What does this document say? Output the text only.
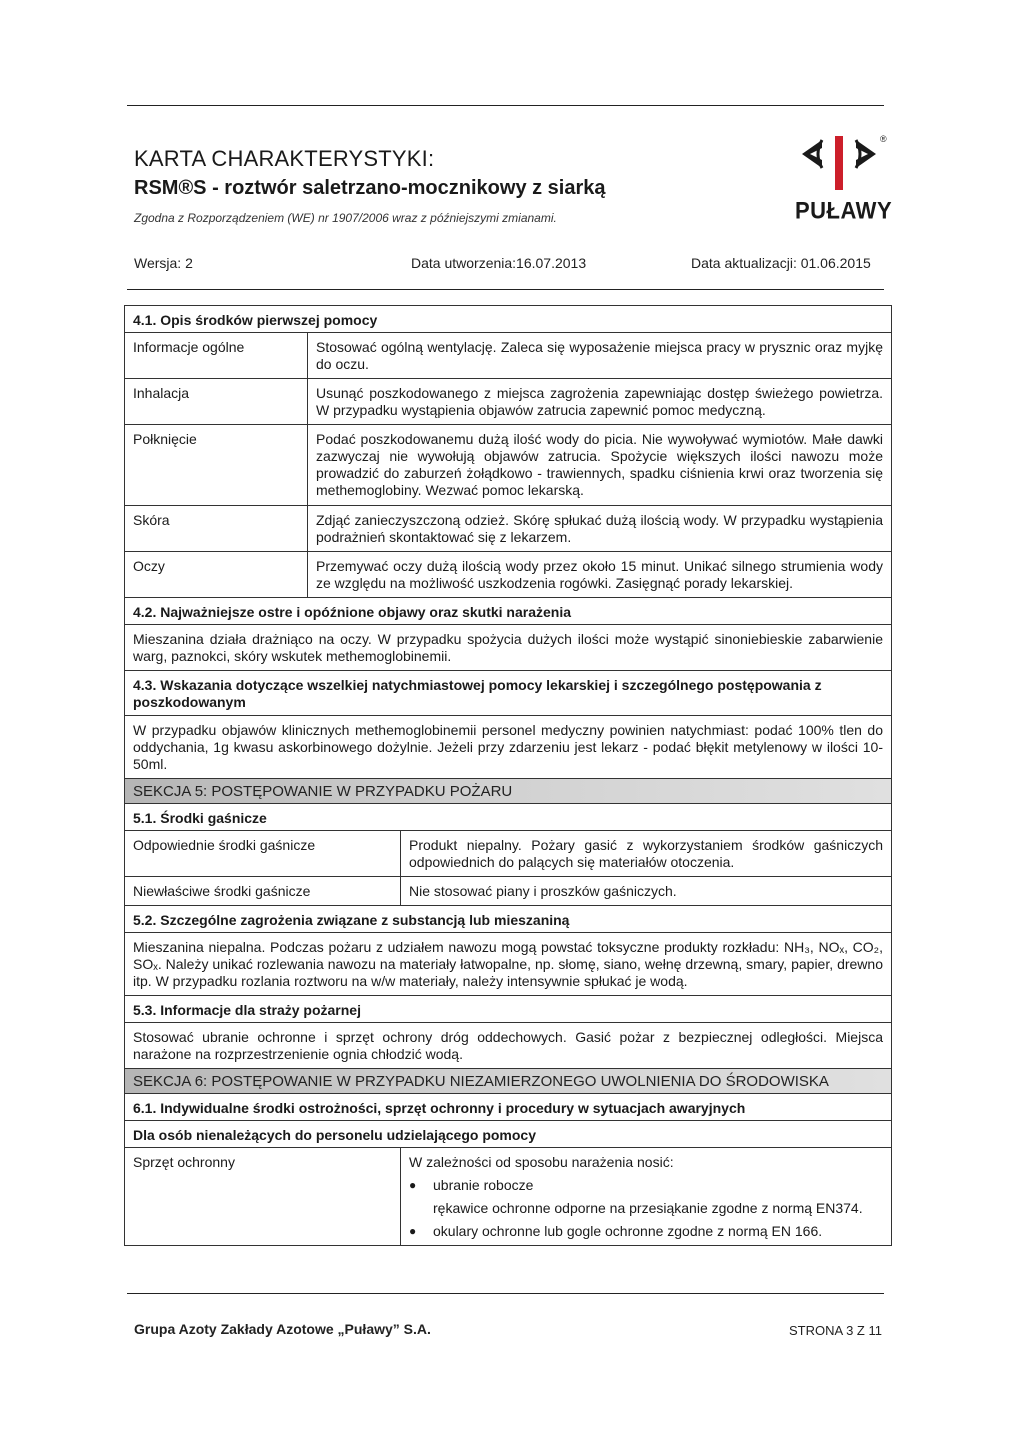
KARTA CHARAKTERYSTYKI:
RSM®S - roztwór saletrzano-mocznikowy z siarką
Zgodna z Rozporządzeniem (WE) nr 1907/2006 wraz z późniejszymi zmianami.
®
PUŁAWY
Wersja: 2	Data utworzenia:16.07.2013	Data aktualizacji: 01.06.2015
4.1. Opis środków pierwszej pomocy
Informacje ogólne	Stosować ogólną wentylację. Zaleca się wyposażenie miejsca pracy w prysznic oraz myjkę do oczu.
Inhalacja	Usunąć poszkodowanego z miejsca zagrożenia zapewniając dostęp świeżego powietrza. W przypadku wystąpienia objawów zatrucia zapewnić pomoc medyczną.
Połknięcie	Podać poszkodowanemu dużą ilość wody do picia. Nie wywoływać wymiotów. Małe dawki zazwyczaj nie wywołują objawów zatrucia. Spożycie większych ilości nawozu może prowadzić do zaburzeń żołądkowo - trawiennych, spadku ciśnienia krwi oraz tworzenia się methemoglobiny. Wezwać pomoc lekarską.
Skóra	Zdjąć zanieczyszczoną odzież. Skórę spłukać dużą ilością wody. W przypadku wystąpienia podrażnień skontaktować się z lekarzem.
Oczy	Przemywać oczy dużą ilością wody przez około 15 minut. Unikać silnego strumienia wody ze względu na możliwość uszkodzenia rogówki. Zasięgnąć porady lekarskiej.
4.2. Najważniejsze ostre i opóźnione objawy oraz skutki narażenia
Mieszanina działa drażniąco na oczy. W przypadku spożycia dużych ilości może wystąpić sinoniebieskie zabarwienie warg, paznokci, skóry wskutek methemoglobinemii.
4.3. Wskazania dotyczące wszelkiej natychmiastowej pomocy lekarskiej i szczególnego postępowania z poszkodowanym
W przypadku objawów klinicznych methemoglobinemii personel medyczny powinien natychmiast: podać 100% tlen do oddychania, 1g kwasu askorbinowego dożylnie. Jeżeli przy zdarzeniu jest lekarz - podać błękit metylenowy w ilości 10-50ml.
SEKCJA 5: POSTĘPOWANIE W PRZYPADKU POŻARU
5.1. Środki gaśnicze
Odpowiednie środki gaśnicze	Produkt niepalny. Pożary gasić z wykorzystaniem środków gaśniczych odpowiednich do palących się materiałów otoczenia.
Niewłaściwe środki gaśnicze	Nie stosować piany i proszków gaśniczych.
5.2. Szczególne zagrożenia związane z substancją lub mieszaniną
Mieszanina niepalna. Podczas pożaru z udziałem nawozu mogą powstać toksyczne produkty rozkładu: NH₃, NOₓ, CO₂, SOₓ. Należy unikać rozlewania nawozu na materiały łatwopalne, np. słomę, siano, wełnę drzewną, smary, papier, drewno itp. W przypadku rozlania roztworu na w/w materiały, należy intensywnie spłukać je wodą.
5.3. Informacje dla straży pożarnej
Stosować ubranie ochronne i sprzęt ochrony dróg oddechowych. Gasić pożar z bezpiecznej odległości. Miejsca narażone na rozprzestrzenienie ognia chłodzić wodą.
SEKCJA 6: POSTĘPOWANIE W PRZYPADKU NIEZAMIERZONEGO UWOLNIENIA DO ŚRODOWISKA
6.1. Indywidualne środki ostrożności, sprzęt ochronny i procedury w sytuacjach awaryjnych
Dla osób nienależących do personelu udzielającego pomocy
Sprzęt ochronny	W zależności od sposobu narażenia nosić:
●	ubranie robocze
rękawice ochronne odporne na przesiąkanie zgodne z normą EN374.
●	okulary ochronne lub gogle ochronne zgodne z normą EN 166.
Grupa Azoty Zakłady Azotowe „Puławy” S.A.	STRONA 3 Z 11
